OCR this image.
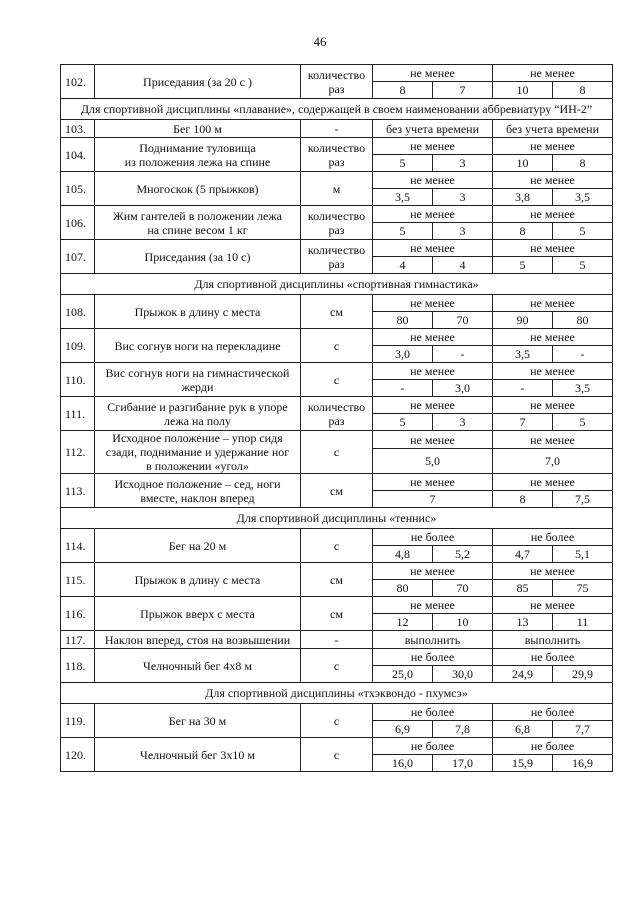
46
102.	Приседания (за 20 с )	количество
раз	не менее		не менее	
			8	7	10	8
Для спортивной дисциплины «плавание», содержащей в своем наименовании аббревиатуру “ИН-2”						
103.	Бег 100 м	-	без учета времени		без учета времени	
104.	Поднимание туловища
из положения лежа на спине	количество
раз	не менее		не менее	
			5	3	10	8
105.	Многоскок (5 прыжков)	м	не менее		не менее	
			3,5	3	3,8	3,5
106.	Жим гантелей в положении лежа
на спине весом 1 кг	количество
раз	не менее		не менее	
			5	3	8	5
107.	Приседания (за 10 с)	количество
раз	не менее		не менее	
			4	4	5	5
Для спортивной дисциплины «спортивная гимнастика»						
108.	Прыжок в длину с места	см	не менее		не менее	
			80	70	90	80
109.	Вис согнув ноги на перекладине	с	не менее		не менее	
			3,0	-	3,5	-
110.	Вис согнув ноги на гимнастической
жерди	с	не менее		не менее	
			-	3,0	-	3,5
111.	Сгибание и разгибание рук в упоре
лежа на полу	количество
раз	не менее		не менее	
			5	3	7	5
112.	Исходное положение – упор сидя
сзади, поднимание и удержание ног
в положении «угол»	с	не менее		не менее	
			5,0		7,0	
113.	Исходное положение – сед, ноги
вместе, наклон вперед	см	не менее		не менее	
			7		8	7,5
Для спортивной дисциплины «теннис»						
114.	Бег на 20 м	с	не более		не более	
			4,8	5,2	4,7	5,1
115.	Прыжок в длину с места	см	не менее		не менее	
			80	70	85	75
116.	Прыжок вверх с места	см	не менее		не менее	
			12	10	13	11
117.	Наклон вперед, стоя на возвышении	-	выполнить		выполнить	
118.	Челночный бег 4х8 м	с	не более		не более	
			25,0	30,0	24,9	29,9
Для спортивной дисциплины «тхэквондо - пхумсэ»						
119.	Бег на 30 м	с	не более		не более	
			6,9	7,8	6,8	7,7
120.	Челночный бег 3х10 м	с	не более		не более	
			16,0	17,0	15,9	16,9
